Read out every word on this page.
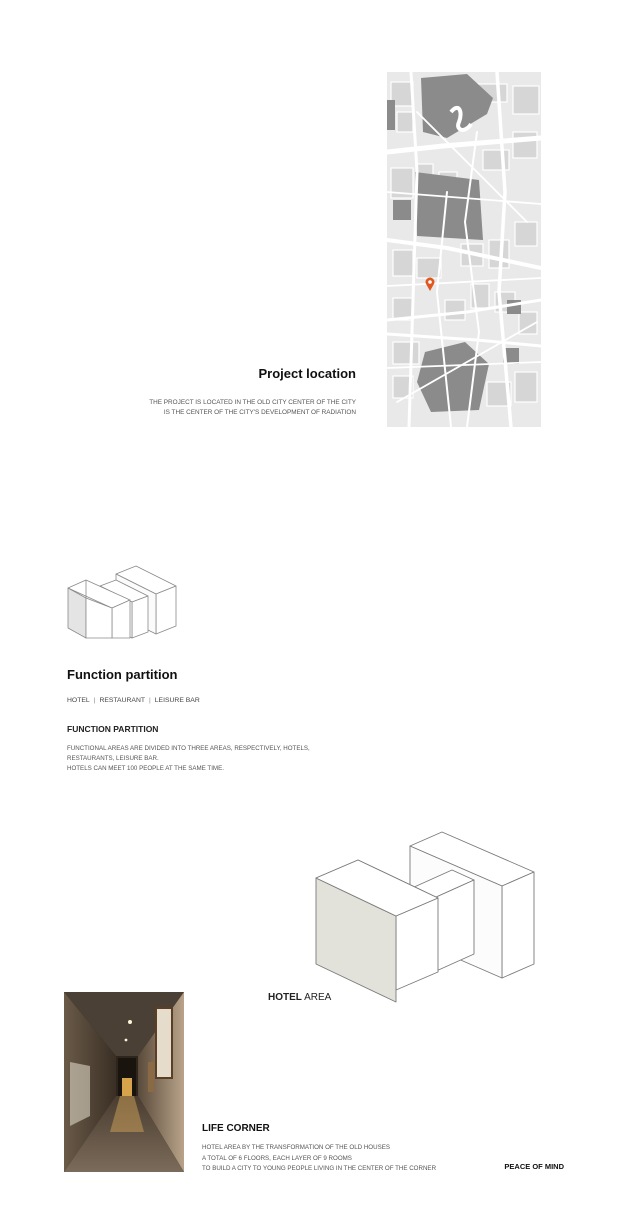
Project location
THE PROJECT IS LOCATED IN THE OLD CITY CENTER OF THE CITY
IS THE CENTER OF THE CITY'S DEVELOPMENT OF RADIATION
Function partition
HOTEL | RESTAURANT | LEISURE BAR
FUNCTION PARTITION
FUNCTIONAL AREAS ARE DIVIDED INTO THREE AREAS, RESPECTIVELY, HOTELS,
RESTAURANTS, LEISURE BAR.
HOTELS CAN MEET 100 PEOPLE AT THE SAME TIME.
HOTEL AREA
LIFE CORNER
HOTEL AREA BY THE TRANSFORMATION OF THE OLD HOUSES
A TOTAL OF 6 FLOORS, EACH LAYER OF 9 ROOMS
TO BUILD A CITY TO YOUNG PEOPLE LIVING IN THE CENTER OF THE CORNER	PEACE OF MIND
